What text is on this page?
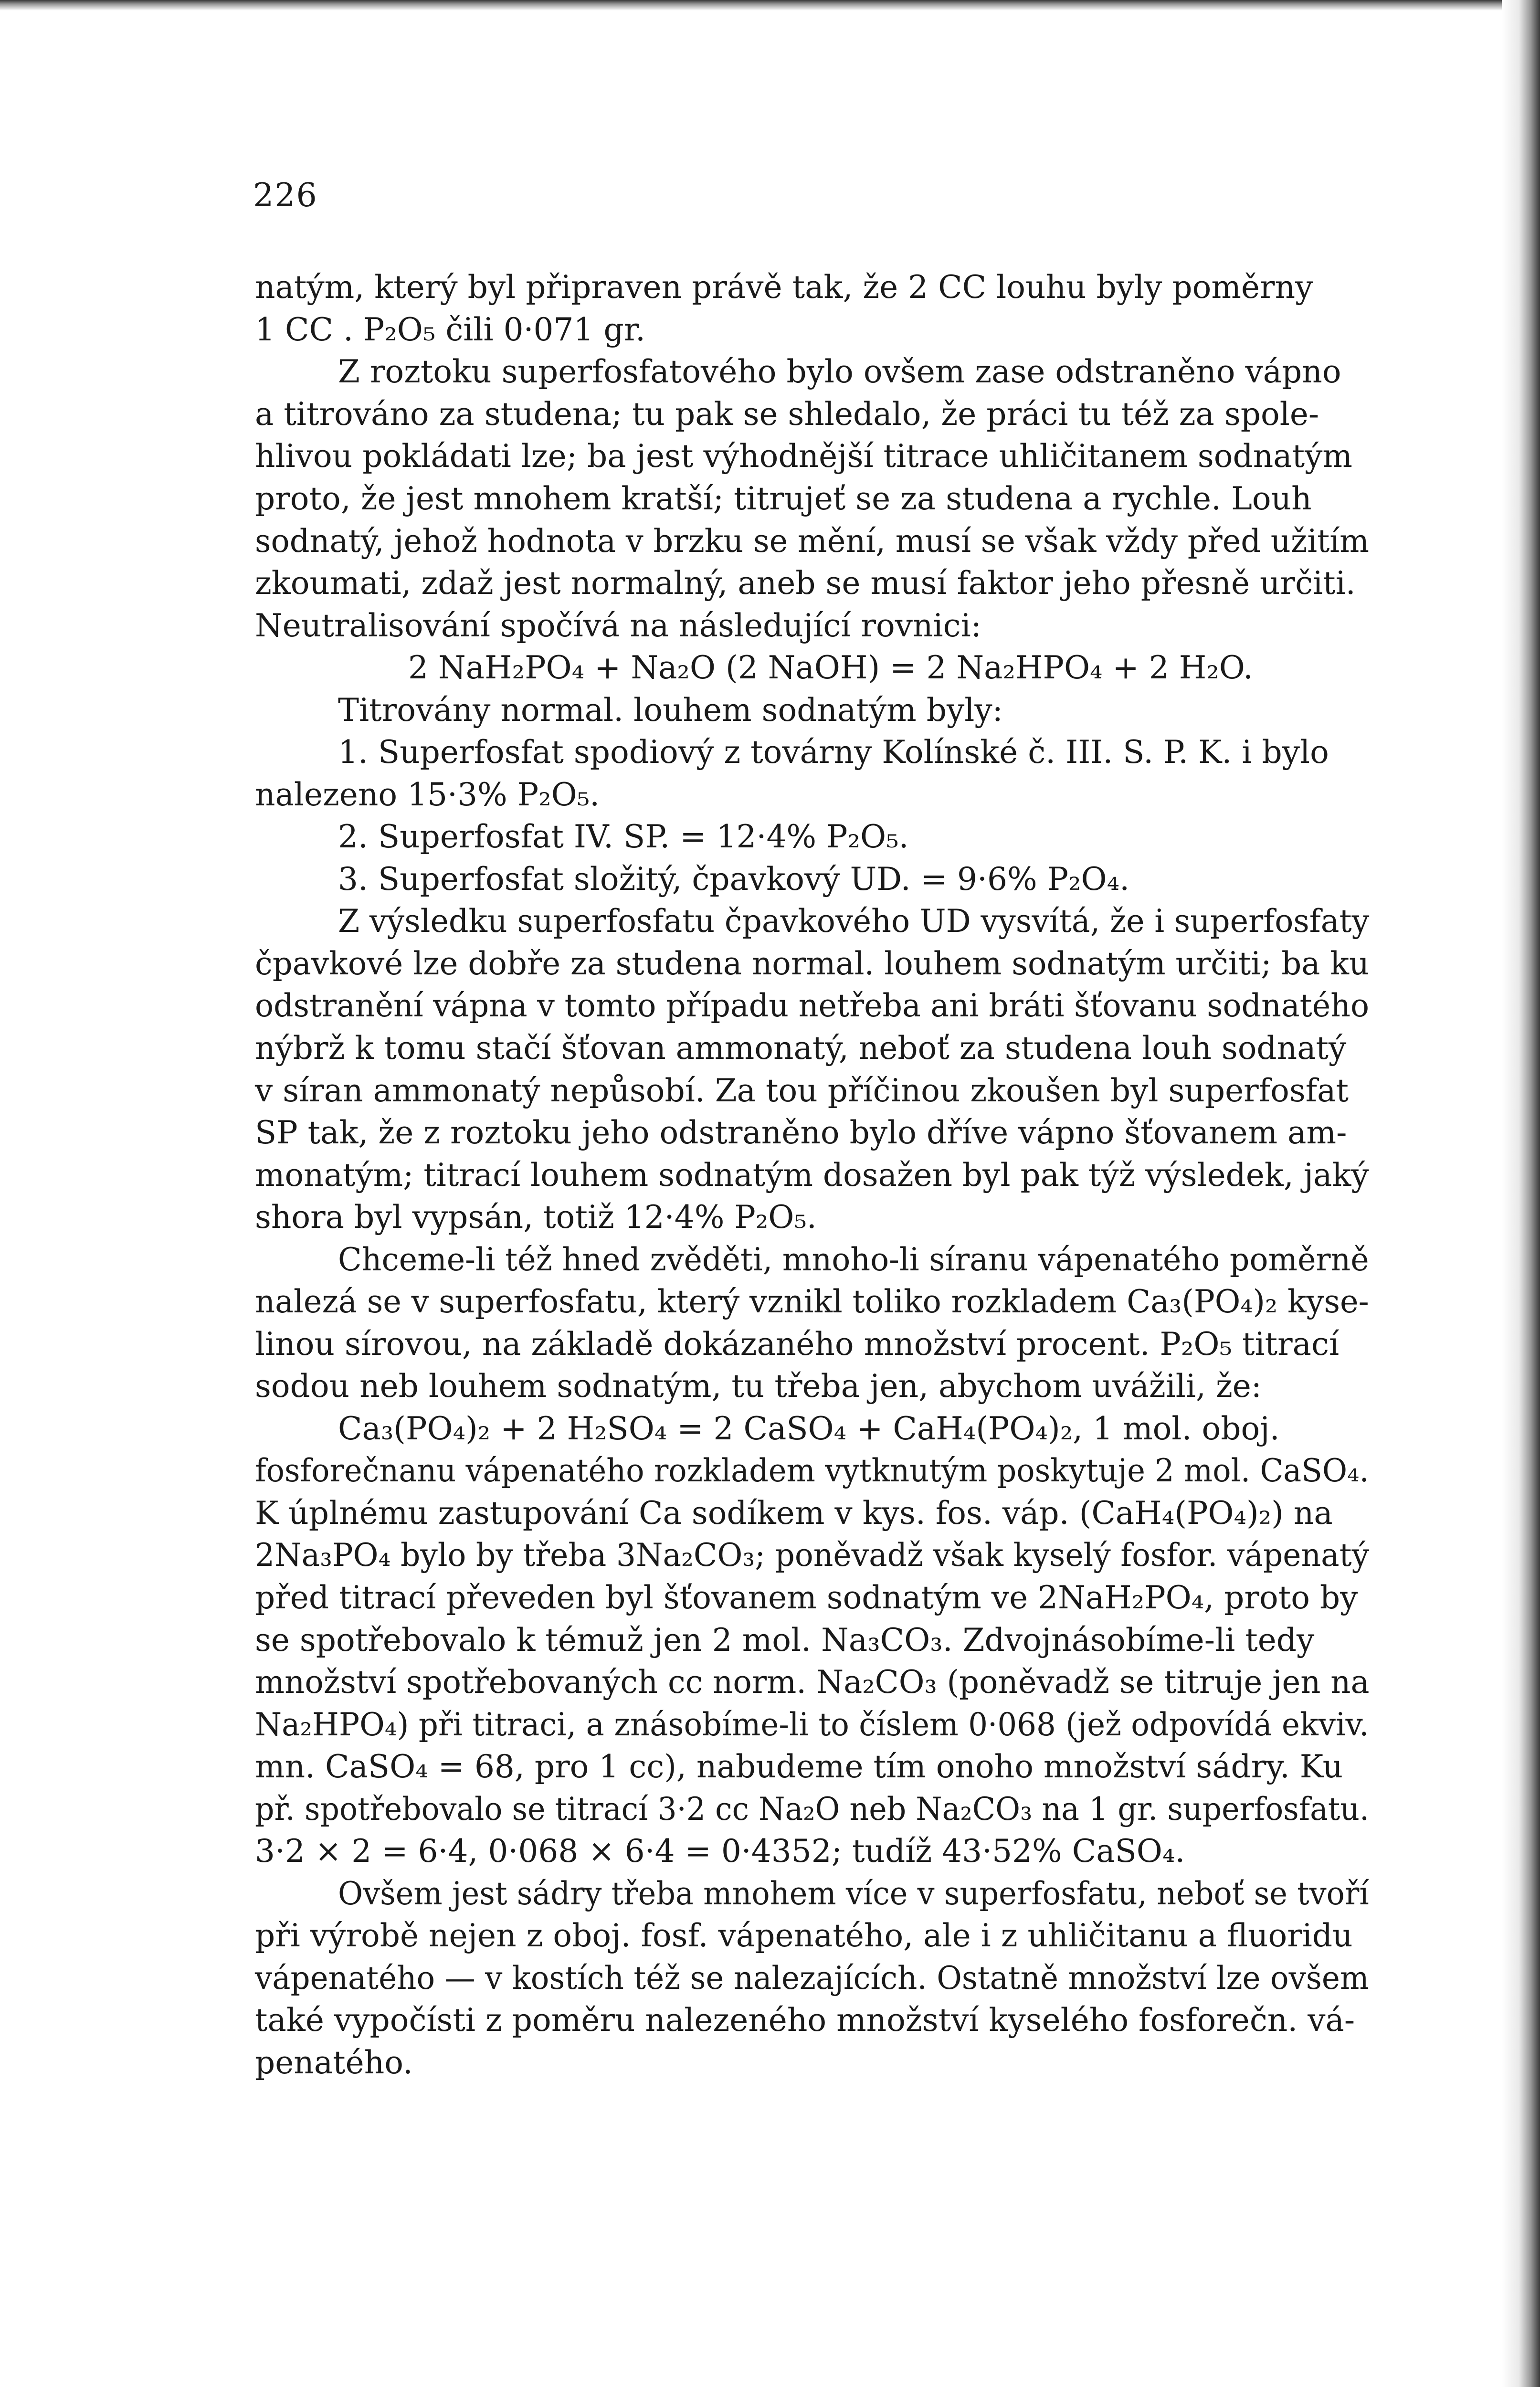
226
natým, který byl připraven právě tak, že 2 CC louhu byly poměrny
1 CC . P₂O₅ čili 0·071 gr.
Z roztoku superfosfatového bylo ovšem zase odstraněno vápno
a titrováno za studena; tu pak se shledalo, že práci tu též za spole-
hlivou pokládati lze; ba jest výhodnější titrace uhličitanem sodnatým
proto, že jest mnohem kratší; titrujeť se za studena a rychle. Louh
sodnatý, jehož hodnota v brzku se mění, musí se však vždy před užitím
zkoumati, zdaž jest normalný, aneb se musí faktor jeho přesně určiti.
Neutralisování spočívá na následující rovnici:
2 NaH₂PO₄ + Na₂O (2 NaOH) = 2 Na₂HPO₄ + 2 H₂O.
Titrovány normal. louhem sodnatým byly:
1. Superfosfat spodiový z továrny Kolínské č. III. S. P. K. i bylo
nalezeno 15·3% P₂O₅.
2. Superfosfat IV. SP. = 12·4% P₂O₅.
3. Superfosfat složitý, čpavkový UD. = 9·6% P₂O₄.
Z výsledku superfosfatu čpavkového UD vysvítá, že i superfosfaty
čpavkové lze dobře za studena normal. louhem sodnatým určiti; ba ku
odstranění vápna v tomto případu netřeba ani bráti šťovanu sodnatého
nýbrž k tomu stačí šťovan ammonatý, neboť za studena louh sodnatý
v síran ammonatý nepůsobí. Za tou příčinou zkoušen byl superfosfat
SP tak, že z roztoku jeho odstraněno bylo dříve vápno šťovanem am-
monatým; titrací louhem sodnatým dosažen byl pak týž výsledek, jaký
shora byl vypsán, totiž 12·4% P₂O₅.
Chceme-li též hned zvěděti, mnoho-li síranu vápenatého poměrně
nalezá se v superfosfatu, který vznikl toliko rozkladem Ca₃(PO₄)₂ kyse-
linou sírovou, na základě dokázaného množství procent. P₂O₅ titrací
sodou neb louhem sodnatým, tu třeba jen, abychom uvážili, že:
Ca₃(PO₄)₂ + 2 H₂SO₄ = 2 CaSO₄ + CaH₄(PO₄)₂, 1 mol. oboj.
fosforečnanu vápenatého rozkladem vytknutým poskytuje 2 mol. CaSO₄.
K úplnému zastupování Ca sodíkem v kys. fos. váp. (CaH₄(PO₄)₂) na
2Na₃PO₄ bylo by třeba 3Na₂CO₃; poněvadž však kyselý fosfor. vápenatý
před titrací převeden byl šťovanem sodnatým ve 2NaH₂PO₄, proto by
se spotřebovalo k témuž jen 2 mol. Na₃CO₃. Zdvojnásobíme-li tedy
množství spotřebovaných cc norm. Na₂CO₃ (poněvadž se titruje jen na
Na₂HPO₄) při titraci, a znásobíme-li to číslem 0·068 (jež odpovídá ekviv.
mn. CaSO₄ = 68, pro 1 cc), nabudeme tím onoho množství sádry. Ku
př. spotřebovalo se titrací 3·2 cc Na₂O neb Na₂CO₃ na 1 gr. superfosfatu.
3·2 × 2 = 6·4, 0·068 × 6·4 = 0·4352; tudíž 43·52% CaSO₄.
Ovšem jest sádry třeba mnohem více v superfosfatu, neboť se tvoří
při výrobě nejen z oboj. fosf. vápenatého, ale i z uhličitanu a fluoridu
vápenatého — v kostích též se nalezajících. Ostatně množství lze ovšem
také vypočísti z poměru nalezeného množství kyselého fosforečn. vá-
penatého.
